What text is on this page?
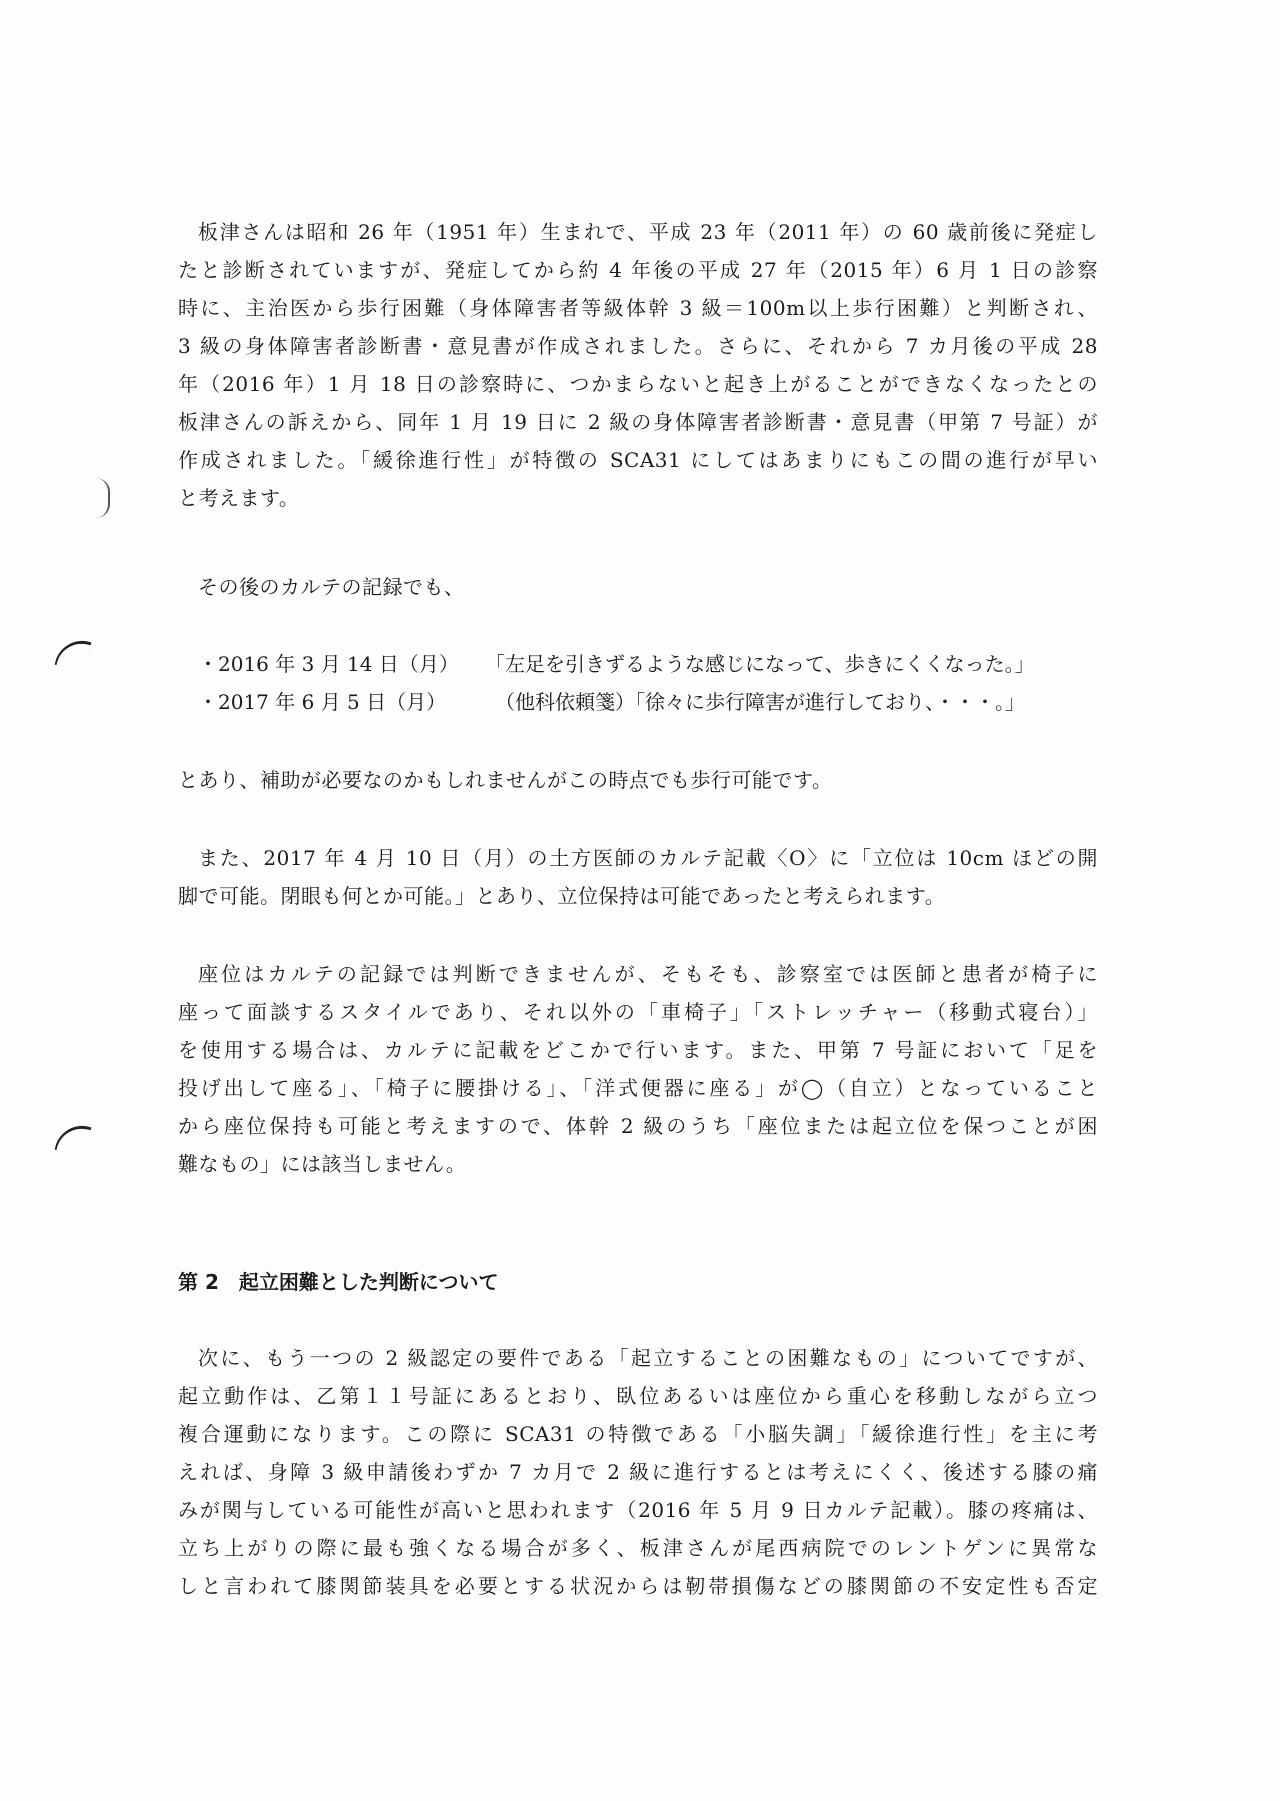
板津さんは昭和 26 年（1951 年）生まれで、平成 23 年（2011 年）の 60 歳前後に発症し
たと診断されていますが、発症してから約 4 年後の平成 27 年（2015 年）6 月 1 日の診察
時に、主治医から歩行困難（身体障害者等級体幹 3 級＝100m以上歩行困難）と判断され、
3 級の身体障害者診断書・意見書が作成されました。さらに、それから 7 カ月後の平成 28
年（2016 年）1 月 18 日の診察時に、つかまらないと起き上がることができなくなったとの
板津さんの訴えから、同年 1 月 19 日に 2 級の身体障害者診断書・意見書（甲第 7 号証）が
作成されました。「緩徐進行性」が特徴の SCA31 にしてはあまりにもこの間の進行が早い
と考えます。
その後のカルテの記録でも、
・2016 年 3 月 14 日（月） 「左足を引きずるような感じになって、歩きにくくなった。」
・2017 年 6 月 5 日（月） （他科依頼箋）「徐々に歩行障害が進行しており、・・・。」
とあり、補助が必要なのかもしれませんがこの時点でも歩行可能です。
また、2017 年 4 月 10 日（月）の土方医師のカルテ記載〈O〉に「立位は 10cm ほどの開
脚で可能。閉眼も何とか可能。」とあり、立位保持は可能であったと考えられます。
座位はカルテの記録では判断できませんが、そもそも、診察室では医師と患者が椅子に
座って面談するスタイルであり、それ以外の「車椅子」「ストレッチャー（移動式寝台）」
を使用する場合は、カルテに記載をどこかで行います。また、甲第 7 号証において「足を
投げ出して座る」、「椅子に腰掛ける」、「洋式便器に座る」が◯（自立）となっていること
から座位保持も可能と考えますので、体幹 2 級のうち「座位または起立位を保つことが困
難なもの」には該当しません。
第 2　起立困難とした判断について
次に、もう一つの 2 級認定の要件である「起立することの困難なもの」についてですが、
起立動作は、乙第１１号証にあるとおり、臥位あるいは座位から重心を移動しながら立つ
複合運動になります。この際に SCA31 の特徴である「小脳失調」「緩徐進行性」を主に考
えれば、身障 3 級申請後わずか 7 カ月で 2 級に進行するとは考えにくく、後述する膝の痛
みが関与している可能性が高いと思われます（2016 年 5 月 9 日カルテ記載）。膝の疼痛は、
立ち上がりの際に最も強くなる場合が多く、板津さんが尾西病院でのレントゲンに異常な
しと言われて膝関節装具を必要とする状況からは靭帯損傷などの膝関節の不安定性も否定
